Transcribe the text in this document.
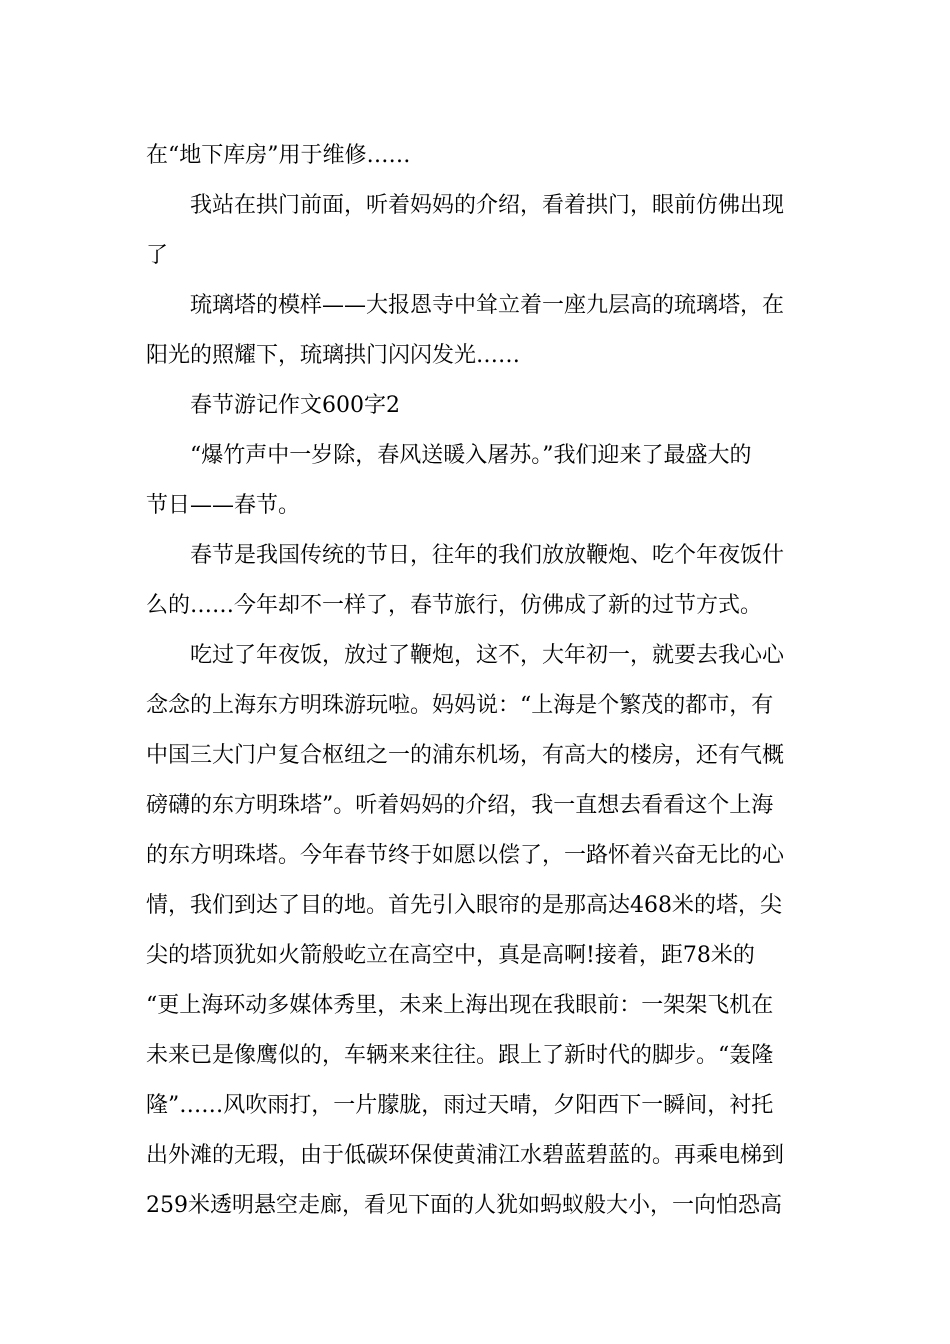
在“地下库房”用于维修……
我站在拱门前面，听着妈妈的介绍，看着拱门，眼前仿佛出现
了
琉璃塔的模样——大报恩寺中耸立着一座九层高的琉璃塔，在
阳光的照耀下，琉璃拱门闪闪发光……
春节游记作文600字2
“爆竹声中一岁除，春风送暖入屠苏。”我们迎来了最盛大的
节日——春节。
春节是我国传统的节日，往年的我们放放鞭炮、吃个年夜饭什
么的……今年却不一样了，春节旅行，仿佛成了新的过节方式。
吃过了年夜饭，放过了鞭炮，这不，大年初一，就要去我心心
念念的上海东方明珠游玩啦。妈妈说：“上海是个繁茂的都市，有
中国三大门户复合枢纽之一的浦东机场，有高大的楼房，还有气概
磅礴的东方明珠塔”。听着妈妈的介绍，我一直想去看看这个上海
的东方明珠塔。今年春节终于如愿以偿了，一路怀着兴奋无比的心
情，我们到达了目的地。首先引入眼帘的是那高达468米的塔，尖
尖的塔顶犹如火箭般屹立在高空中，真是高啊!接着，距78米的
“更上海环动多媒体秀里，未来上海出现在我眼前：一架架飞机在
未来已是像鹰似的，车辆来来往往。跟上了新时代的脚步。“轰隆
隆”……风吹雨打，一片朦胧，雨过天晴，夕阳西下一瞬间，衬托
出外滩的无瑕，由于低碳环保使黄浦江水碧蓝碧蓝的。再乘电梯到
259米透明悬空走廊，看见下面的人犹如蚂蚁般大小，一向怕恐高
